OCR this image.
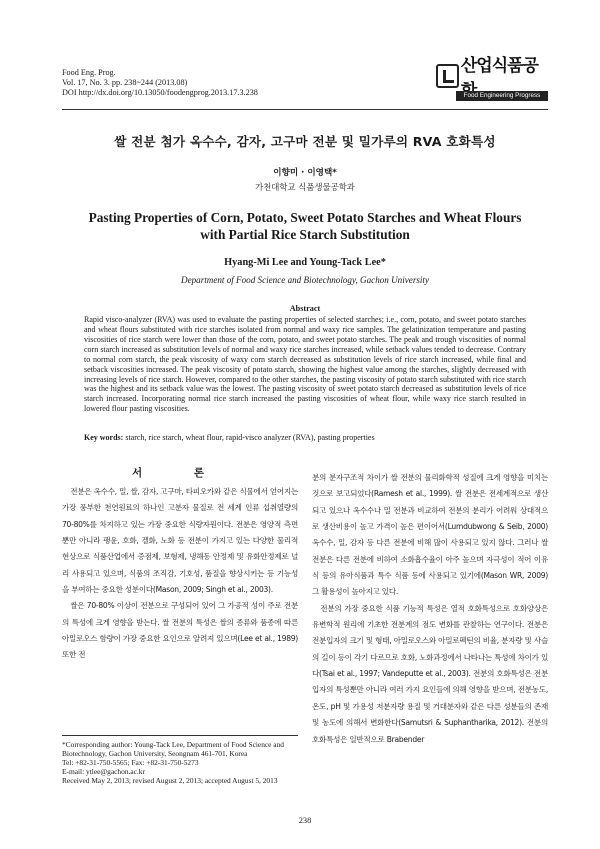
Food Eng. Prog.
Vol. 17, No. 3. pp. 238~244 (2013.08)
DOI http://dx.doi.org/10.13050/foodengprog.2013.17.3.238
산업식품공
Food Engineering Progress
쌀 전분 첨가 옥수수, 감자, 고구마 전분 및 밀가루의 RVA 호화특성
이향미 · 이영택*
가천대학교 식품생물공학과
Pasting Properties of Corn, Potato, Sweet Potato Starches and Wheat Flours with Partial Rice Starch Substitution
Hyang-Mi Lee and Young-Tack Lee*
Department of Food Science and Biotechnology, Gachon University
Abstract
Rapid visco-analyzer (RVA) was used to evaluate the pasting properties of selected starches; i.e., corn, potato, and sweet potato starches and wheat flours substituted with rice starches isolated from normal and waxy rice samples. The gelatinization temperature and pasting viscosities of rice starch were lower than those of the corn, potato, and sweet potato starches. The peak and trough viscosities of normal corn starch increased as substitution levels of normal and waxy rice starches increased, while setback values tended to decrease. Contrary to normal corn starch, the peak viscosity of waxy corn starch decreased as substitution levels of rice starch increased, while final and setback viscosities increased. The peak viscosity of potato starch, showing the highest value among the starches, slightly decreased with increasing levels of rice starch. However, compared to the other starches, the pasting viscosity of potato starch substituted with rice starch was the highest and its setback value was the lowest. The pasting viscosity of sweet potato starch decreased as substitution levels of rice starch increased. Incorporating normal rice starch increased the pasting viscosities of wheat flour, while waxy rice starch resulted in lowered flour pasting viscosities.
Key words: starch, rice starch, wheat flour, rapid-visco analyzer (RVA), pasting properties
서 론

전분은 옥수수, 밀, 쌀, 감자, 고구마, 타피오카와 같은 식물에서 얻어지는 가장 풍부한 천연원료의 하나인 고분자 물질로 전 세계 인류 섭취열량의 70-80%를 차지하고 있는 가장 중요한 식량자원이다. 전분은 영양적 측면뿐만 아니라 팽윤, 호화, 겔화, 노화 등 전분이 가지고 있는 다양한 물리적 현상으로 식품산업에서 증점제, 보형제, 냉해동 안정제 및 유화안정제로 널리 사용되고 있으며, 식품의 조직감, 기호성, 품질을 향상시키는 등 기능성을 부여하는 중요한 성분이다(Mason, 2009; Singh et al., 2003).

쌀은 70-80% 이상이 전분으로 구성되어 있어 그 가공적 성이 주로 전분의 특성에 크게 영향을 받는다. 쌀 전분의 특성은 쌀의 종류와 품종에 따른 아밀로오스 함량이 가장 중요한 요인으로 알려져 있으며(Lee et al., 1989) 또한 전

분의 분자구조적 차이가 쌀 전분의 물리화학적 성질에 크게 영향을 미치는 것으로 보고되었다(Ramesh et al., 1999). 쌀 전분은 전세계적으로 생산되고 있으나 옥수수나 밀 전분과 비교하여 전분의 분리가 어려워 상대적으로 생산비용이 높고 가격이 높은 편이어서(Lumdubwong & Seib, 2000) 옥수수, 밀, 감자 등 다른 전분에 비해 많이 사용되고 있지 않다. 그러나 쌀 전분은 다른 전분에 비하여 소화흡수율이 아주 높으며 자극성이 적어 이유식 등의 유아식품과 특수 식품 등에 사용되고 있기에(Mason WR, 2009) 그 활용성이 높아지고 있다.

전분의 가장 중요한 식품 기능적 특성은 열적 호화특성으로 호화양상은 유변학적 원리에 기초한 전분계의 점도 변화를 관찰하는 연구이다. 전분은 전분입자의 크기 및 형태, 아밀로오스와 아밀로펙틴의 비율, 분자량 및 사슬의 길이 등이 각기 다르므로 호화, 노화과정에서 나타나는 특성에 차이가 있다(Tsai et al., 1997; Vandeputte et al., 2003). 전분의 호화특성은 전분 입자의 특성뿐만 아니라 여러 가지 요인들에 의해 영향을 받으며, 전분농도, 온도, pH 및 가용성 저분자량 용질 및 거대분자와 같은 다른 성분들의 존재 및 농도에 의해서 변화한다(Samutsri & Suphantharika, 2012). 전분의 호화특성은 일반적으로 Brabender

*Corresponding author: Young-Tack Lee, Department of Food Science and Biotechnology, Gachon University, Seongnam 461-701, Korea
Tel: +82-31-750-5565; Fax: +82-31-750-5273
E-mail: ytlee@gachon.ac.kr
Received May 2, 2013; revised August 2, 2013; accepted August 5, 2013
238
